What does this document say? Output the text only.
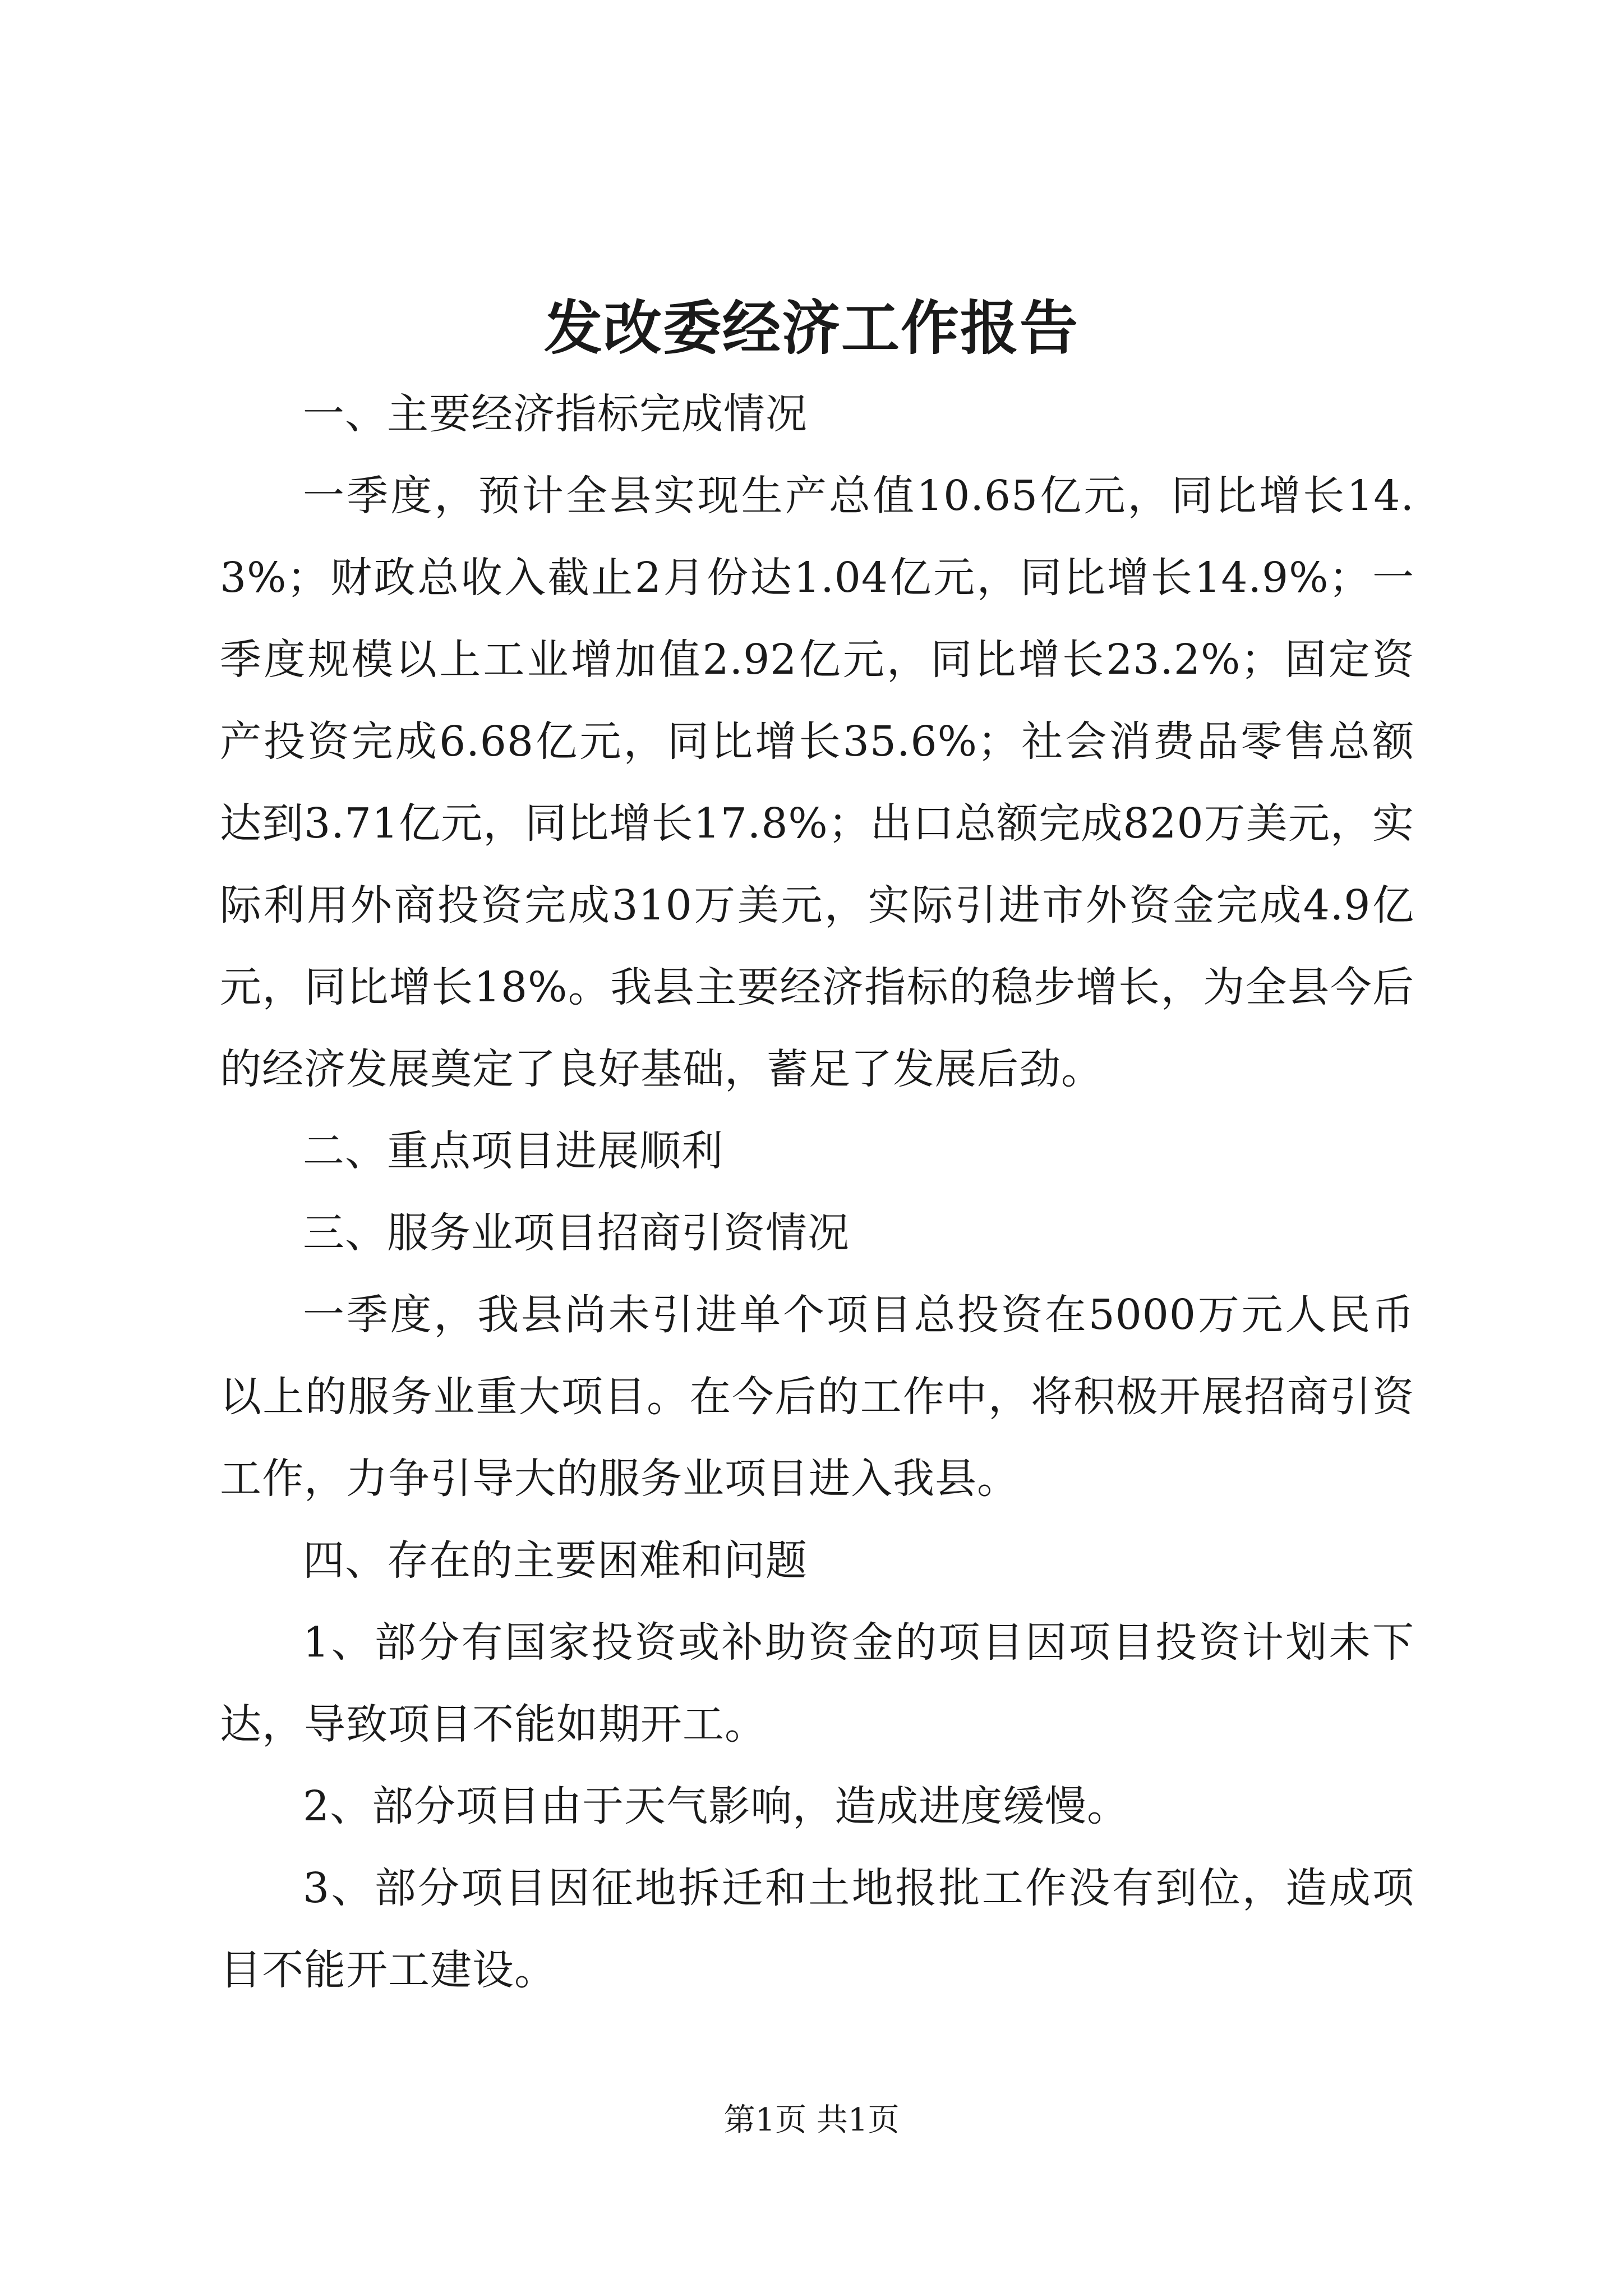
发改委经济工作报告

一、主要经济指标完成情况

一季度，预计全县实现生产总值10.65亿元，同比增长14.3%；财政总收入截止2月份达1.04亿元，同比增长14.9%；一季度规模以上工业增加值2.92亿元，同比增长23.2%；固定资产投资完成6.68亿元，同比增长35.6%；社会消费品零售总额达到3.71亿元，同比增长17.8%；出口总额完成820万美元，实际利用外商投资完成310万美元，实际引进市外资金完成4.9亿元，同比增长18%。我县主要经济指标的稳步增长，为全县今后的经济发展奠定了良好基础，蓄足了发展后劲。

二、重点项目进展顺利

三、服务业项目招商引资情况

一季度，我县尚未引进单个项目总投资在5000万元人民币以上的服务业重大项目。在今后的工作中，将积极开展招商引资工作，力争引导大的服务业项目进入我县。

四、存在的主要困难和问题

1、部分有国家投资或补助资金的项目因项目投资计划未下达，导致项目不能如期开工。

2、部分项目由于天气影响，造成进度缓慢。

3、部分项目因征地拆迁和土地报批工作没有到位，造成项目不能开工建设。

第1页 共1页
